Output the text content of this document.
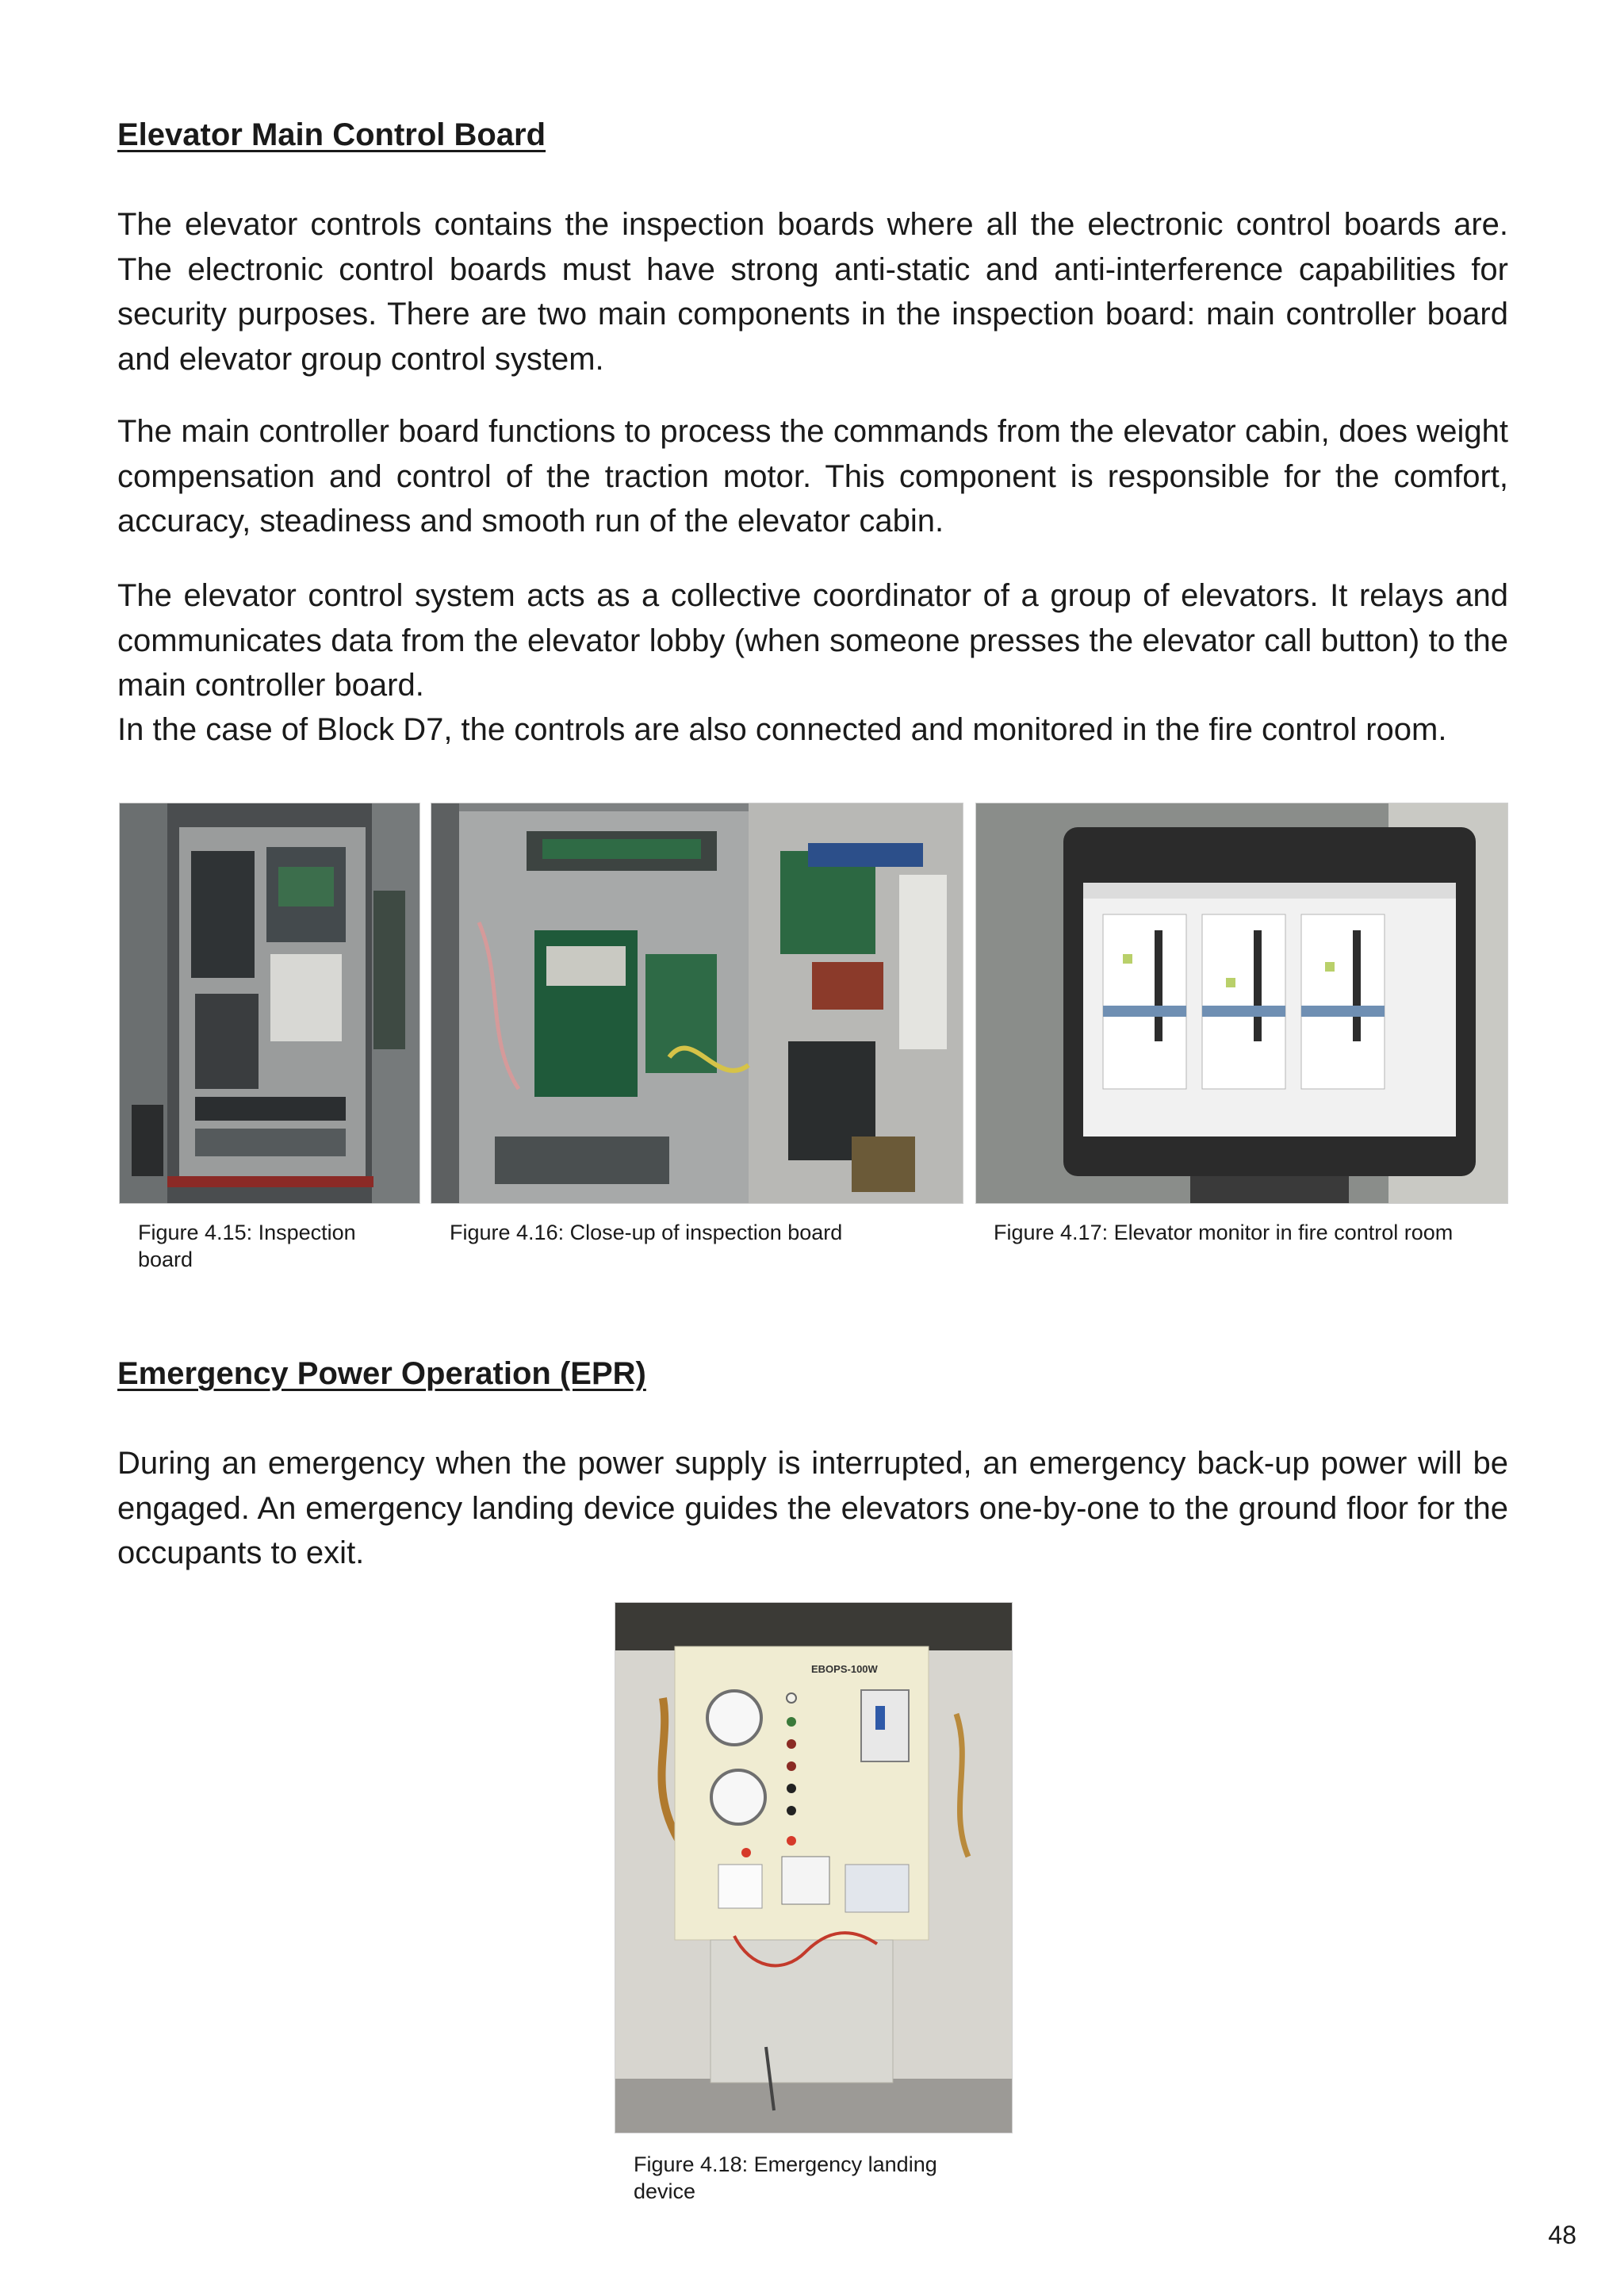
Elevator Main Control Board

The elevator controls contains the inspection boards where all the electronic control boards are. The electronic control boards must have strong anti-static and anti-interference capabilities for security purposes. There are two main components in the inspection board: main controller board and elevator group control system.

The main controller board functions to process the commands from the elevator cabin, does weight compensation and control of the traction motor. This component is responsible for the comfort, accuracy, steadiness and smooth run of the elevator cabin.

The elevator control system acts as a collective coordinator of a group of elevators. It relays and communicates data from the elevator lobby (when someone presses the elevator call button) to the main controller board.

In the case of Block D7, the controls are also connected and monitored in the fire control room.

Figure 4.15: Inspection board

Figure 4.16: Close-up of inspection board	Figure 4.17: Elevator monitor in fire control room

Emergency Power Operation (EPR)

During an emergency when the power supply is interrupted, an emergency back-up power will be engaged. An emergency landing device guides the elevators one-by-one to the ground floor for the occupants to exit.

EBOPS-100W

Figure 4.18: Emergency landing device

48
